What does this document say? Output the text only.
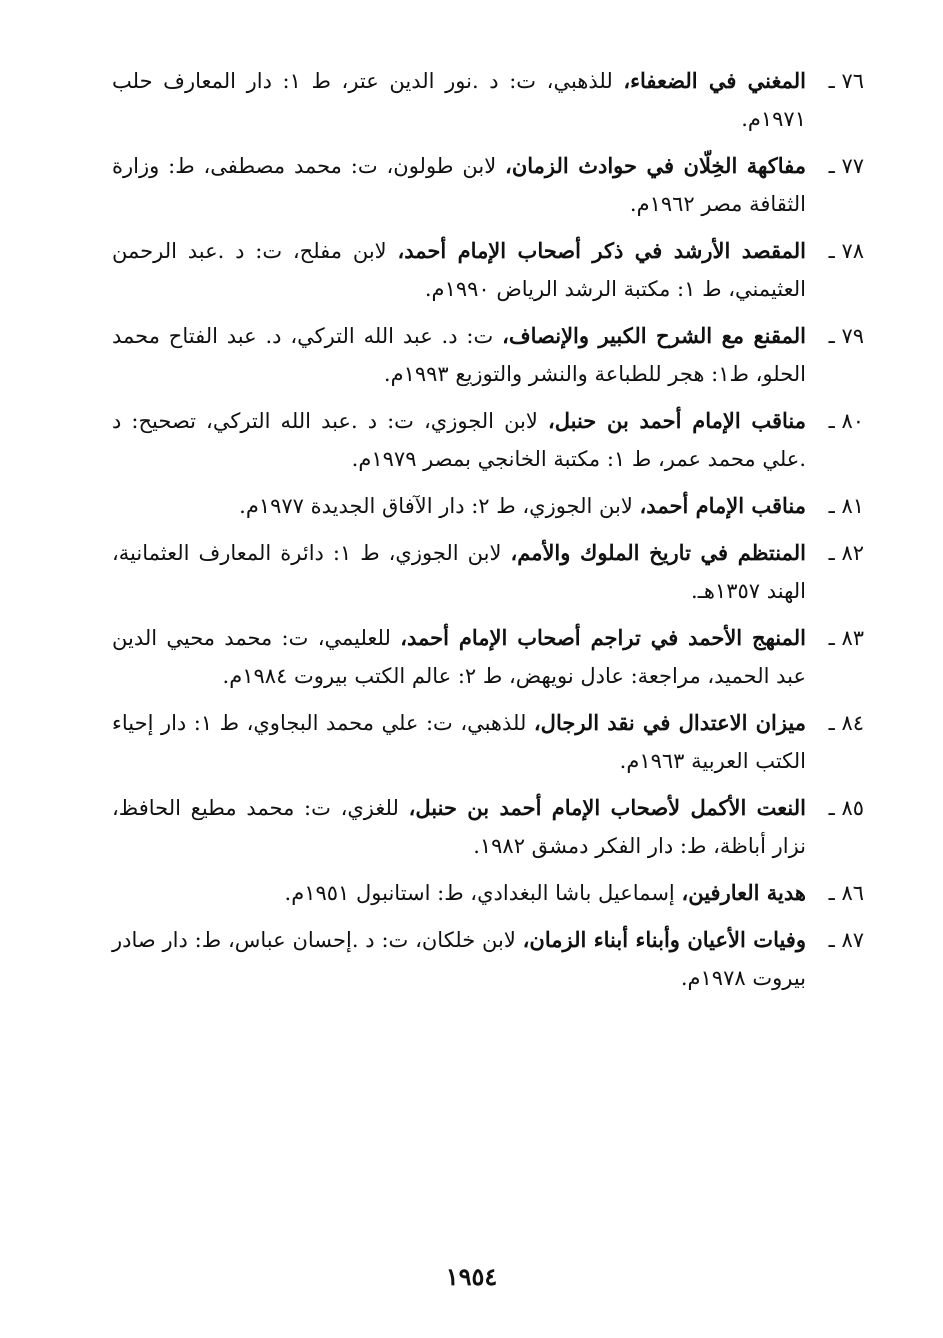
٧٦ ـ
المغني في الضعفاء، للذهبي، ت: د .نور الدين عتر، ط ١: دار المعارف حلب ١٩٧١م.
٧٧ ـ
مفاكهة الخِلّان في حوادث الزمان، لابن طولون، ت: محمد مصطفى، ط: وزارة الثقافة مصر ١٩٦٢م.
٧٨ ـ
المقصد الأرشد في ذكر أصحاب الإمام أحمد، لابن مفلح، ت: د .عبد الرحمن العثيمني، ط ١: مكتبة الرشد الرياض ١٩٩٠م.
٧٩ ـ
المقنع مع الشرح الكبير والإنصاف، ت: د. عبد الله التركي، د. عبد الفتاح محمد الحلو، ط١: هجر للطباعة والنشر والتوزيع ١٩٩٣م.
٨٠ ـ
مناقب الإمام أحمد بن حنبل، لابن الجوزي، ت: د .عبد الله التركي، تصحيح: د .علي محمد عمر، ط ١: مكتبة الخانجي بمصر ١٩٧٩م.
٨١ ـ
مناقب الإمام أحمد، لابن الجوزي، ط ٢: دار الآفاق الجديدة ١٩٧٧م.
٨٢ ـ
المنتظم في تاريخ الملوك والأمم، لابن الجوزي، ط ١: دائرة المعارف العثمانية، الهند ١٣٥٧هـ.
٨٣ ـ
المنهج الأحمد في تراجم أصحاب الإمام أحمد، للعليمي، ت: محمد محيي الدين عبد الحميد، مراجعة: عادل نويهض، ط ٢: عالم الكتب بيروت ١٩٨٤م.
٨٤ ـ
ميزان الاعتدال في نقد الرجال، للذهبي، ت: علي محمد البجاوي، ط ١: دار إحياء الكتب العربية ١٩٦٣م.
٨٥ ـ
النعت الأكمل لأصحاب الإمام أحمد بن حنبل، للغزي، ت: محمد مطيع الحافظ، نزار أباظة، ط: دار الفكر دمشق ١٩٨٢.
٨٦ ـ
هدية العارفين، إسماعيل باشا البغدادي، ط: استانبول ١٩٥١م.
٨٧ ـ
وفيات الأعيان وأبناء أبناء الزمان، لابن خلكان، ت: د .إحسان عباس، ط: دار صادر بيروت ١٩٧٨م.
١٩٥٤
